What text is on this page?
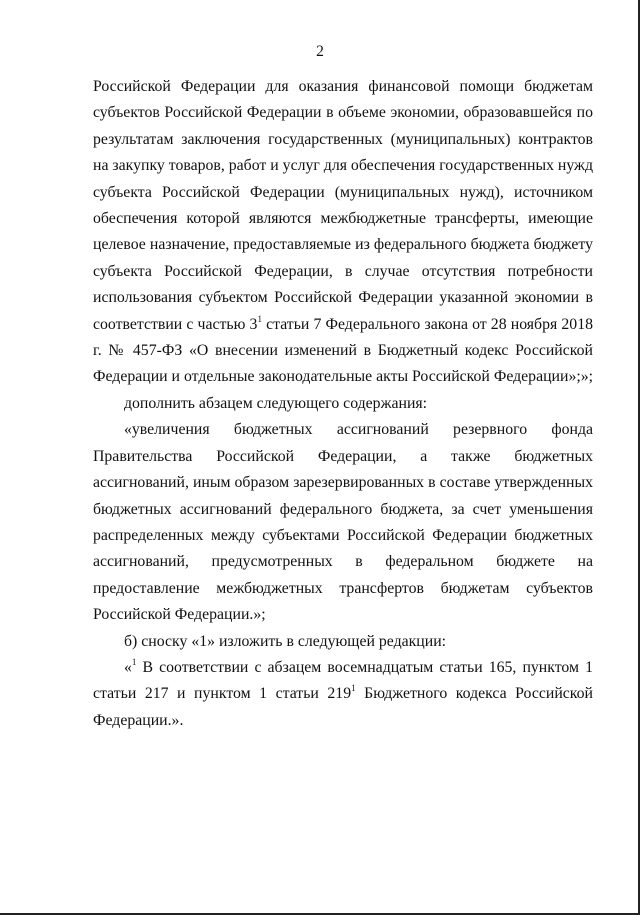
2

Российской Федерации для оказания финансовой помощи бюджетам субъектов Российской Федерации в объеме экономии, образовавшейся по результатам заключения государственных (муниципальных) контрактов на закупку товаров, работ и услуг для обеспечения государственных нужд субъекта Российской Федерации (муниципальных нужд), источником обеспечения которой являются межбюджетные трансферты, имеющие целевое назначение, предоставляемые из федерального бюджета бюджету субъекта Российской Федерации, в случае отсутствия потребности использования субъектом Российской Федерации указанной экономии в соответствии с частью $3^1$ статьи 7 Федерального закона от 28 ноября 2018 г. № 457-ФЗ «О внесении изменений в Бюджетный кодекс Российской Федерации и отдельные законодательные акты Российской Федерации»;»;

дополнить абзацем следующего содержания:

«увеличения бюджетных ассигнований резервного фонда Правительства Российской Федерации, а также бюджетных ассигнований, иным образом зарезервированных в составе утвержденных бюджетных ассигнований федерального бюджета, за счет уменьшения распределенных между субъектами Российской Федерации бюджетных ассигнований, предусмотренных в федеральном бюджете на предоставление межбюджетных трансфертов бюджетам субъектов Российской Федерации.»;

б) сноску «1» изложить в следующей редакции:

«$^1$ В соответствии с абзацем восемнадцатым статьи 165, пунктом 1 статьи 217 и пунктом 1 статьи $219^1$ Бюджетного кодекса Российской Федерации.».
